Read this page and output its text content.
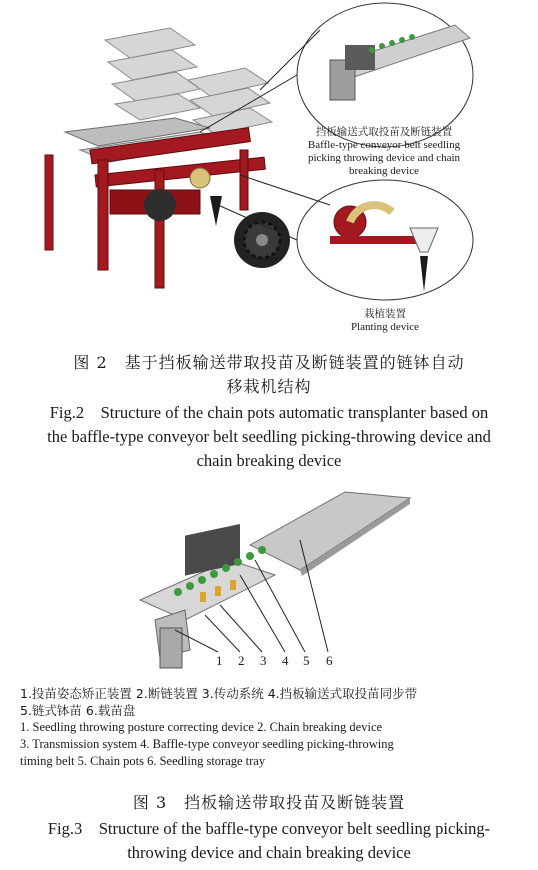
挡板输送式取投苗及断链装置
Baffle-type conveyor belt seedling
picking throwing device and chain
breaking device
栽植装置
Planting device
图 2　基于挡板输送带取投苗及断链装置的链钵自动
移栽机结构
Fig.2　Structure of the chain pots automatic transplanter based on
the baffle-type conveyor belt seedling picking-throwing device and
chain breaking device
1 2 3 4 5 6
1.投苗姿态矫正装置 2.断链装置 3.传动系统 4.挡板输送式取投苗同步带
5.链式钵苗 6.载苗盘
1. Seedling throwing posture correcting device 2. Chain breaking device
3. Transmission system 4. Baffle-type conveyor seedling picking-throwing
timing belt 5. Chain pots 6. Seedling storage tray
图 3　挡板输送带取投苗及断链装置
Fig.3　Structure of the baffle-type conveyor belt seedling picking-
throwing device and chain breaking device
